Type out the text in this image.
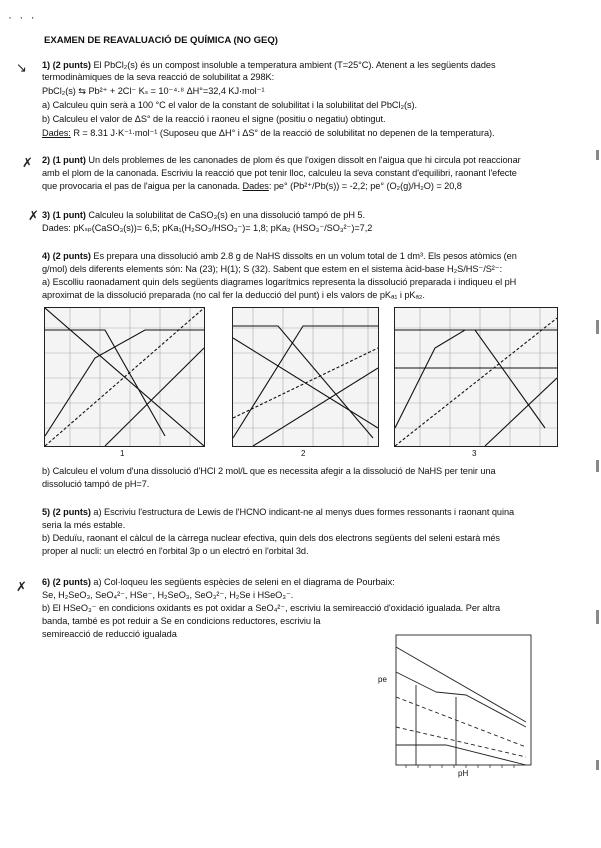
· · ·
EXAMEN DE REAVALUACIÓ DE QUÍMICA (NO GEQ)
↘ 1) (2 punts) El PbCl₂(s) és un compost insoluble a temperatura ambient (T=25°C). Atenent a les següents dades
termodinàmiques de la seva reacció de solubilitat a 298K:
PbCl₂(s) ⇆ Pb²⁺ + 2Cl⁻ Kₛ = 10⁻⁴·⁸ ΔH°=32,4 KJ·mol⁻¹
a) Calculeu quin serà a 100 °C el valor de la constant de solubilitat i la solubilitat del PbCl₂(s).
b) Calculeu el valor de ΔS° de la reacció i raoneu el signe (positiu o negatiu) obtingut.
Dades: R = 8.31 J·K⁻¹·mol⁻¹ (Suposeu que ΔH° i ΔS° de la reacció de solubilitat no depenen de la temperatura).
✗ 2) (1 punt) Un dels problemes de les canonades de plom és que l'oxigen dissolt en l'aigua que hi circula pot reaccionar
amb el plom de la canonada. Escriviu la reacció que pot tenir lloc, calculeu la seva constant d'equilibri, raonant l'efecte
que provocaria el pas de l'aigua per la canonada. Dades: pe° (Pb²⁺/Pb(s)) = -2,2; pe° (O₂(g)/H₂O) = 20,8
✗ 3) (1 punt) Calculeu la solubilitat de CaSO₃(s) en una dissolució tampó de pH 5.
Dades: pKₛₚ(CaSO₃(s))= 6,5; pKa₁(H₂SO₃/HSO₃⁻)= 1,8; pKa₂ (HSO₃⁻/SO₃²⁻)=7,2
4) (2 punts) Es prepara una dissolució amb 2.8 g de NaHS dissolts en un volum total de 1 dm³. Els pesos atòmics (en
g/mol) dels diferents elements són: Na (23); H(1); S (32). Sabent que estem en el sistema àcid-base H₂S/HS⁻/S²⁻:
a) Escolliu raonadament quin dels següents diagrames logarítmics representa la dissolució preparada i indiqueu el pH
aproximat de la dissolució preparada (no cal fer la deducció del punt) i els valors de pKₐ₁ i pKₐ₂.
1	2	3
b) Calculeu el volum d'una dissolució d'HCl 2 mol/L que es necessita afegir a la dissolució de NaHS per tenir una
dissolució tampó de pH=7.
5) (2 punts) a) Escriviu l'estructura de Lewis de l'HCNO indicant-ne al menys dues formes ressonants i raonant quina
seria la més estable.
b) Deduïu, raonant el càlcul de la càrrega nuclear efectiva, quin dels dos electrons següents del seleni estarà més
proper al nucli: un electró en l'orbital 3p o un electró en l'orbital 3d.
✗ 6) (2 punts) a) Col·loqueu les següents espècies de seleni en el diagrama de Pourbaix:
Se, H₂SeO₃, SeO₄²⁻, HSe⁻, H₂SeO₃, SeO₃²⁻, H₂Se i HSeO₃⁻.
b) El HSeO₃⁻ en condicions oxidants es pot oxidar a SeO₄²⁻, escriviu la semireacció d'oxidació igualada. Per altra
banda, també es pot reduir a Se en condicions reductores, escriviu la
semireacció de reducció igualada
pe
pH
